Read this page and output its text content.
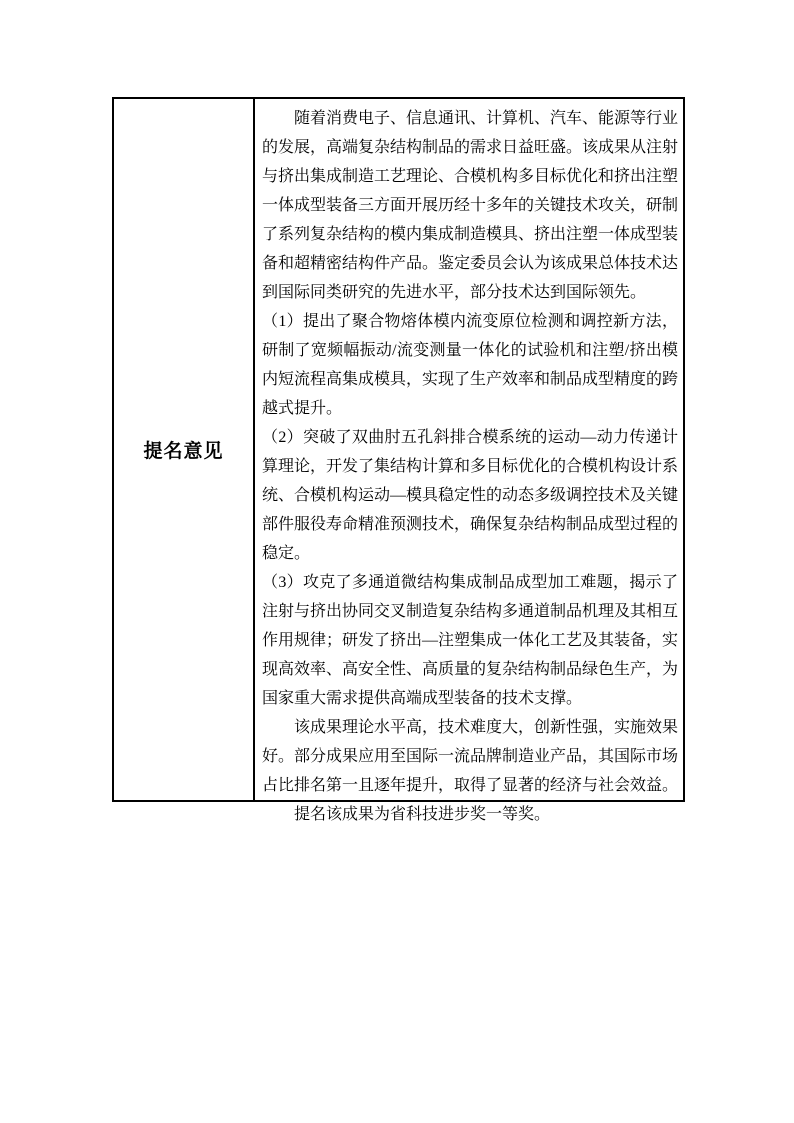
提名意见

随着消费电子、信息通讯、计算机、汽车、能源等行业的发展，高端复杂结构制品的需求日益旺盛。该成果从注射与挤出集成制造工艺理论、合模机构多目标优化和挤出注塑一体成型装备三方面开展历经十多年的关键技术攻关，研制了系列复杂结构的模内集成制造模具、挤出注塑一体成型装备和超精密结构件产品。鉴定委员会认为该成果总体技术达到国际同类研究的先进水平，部分技术达到国际领先。

（1）提出了聚合物熔体模内流变原位检测和调控新方法，研制了宽频幅振动/流变测量一体化的试验机和注塑/挤出模内短流程高集成模具，实现了生产效率和制品成型精度的跨越式提升。

（2）突破了双曲肘五孔斜排合模系统的运动—动力传递计算理论，开发了集结构计算和多目标优化的合模机构设计系统、合模机构运动—模具稳定性的动态多级调控技术及关键部件服役寿命精准预测技术，确保复杂结构制品成型过程的稳定。

（3）攻克了多通道微结构集成制品成型加工难题，揭示了注射与挤出协同交叉制造复杂结构多通道制品机理及其相互作用规律；研发了挤出—注塑集成一体化工艺及其装备，实现高效率、高安全性、高质量的复杂结构制品绿色生产，为国家重大需求提供高端成型装备的技术支撑。

该成果理论水平高，技术难度大，创新性强，实施效果好。部分成果应用至国际一流品牌制造业产品，其国际市场占比排名第一且逐年提升，取得了显著的经济与社会效益。

提名该成果为省科技进步奖一等奖。
